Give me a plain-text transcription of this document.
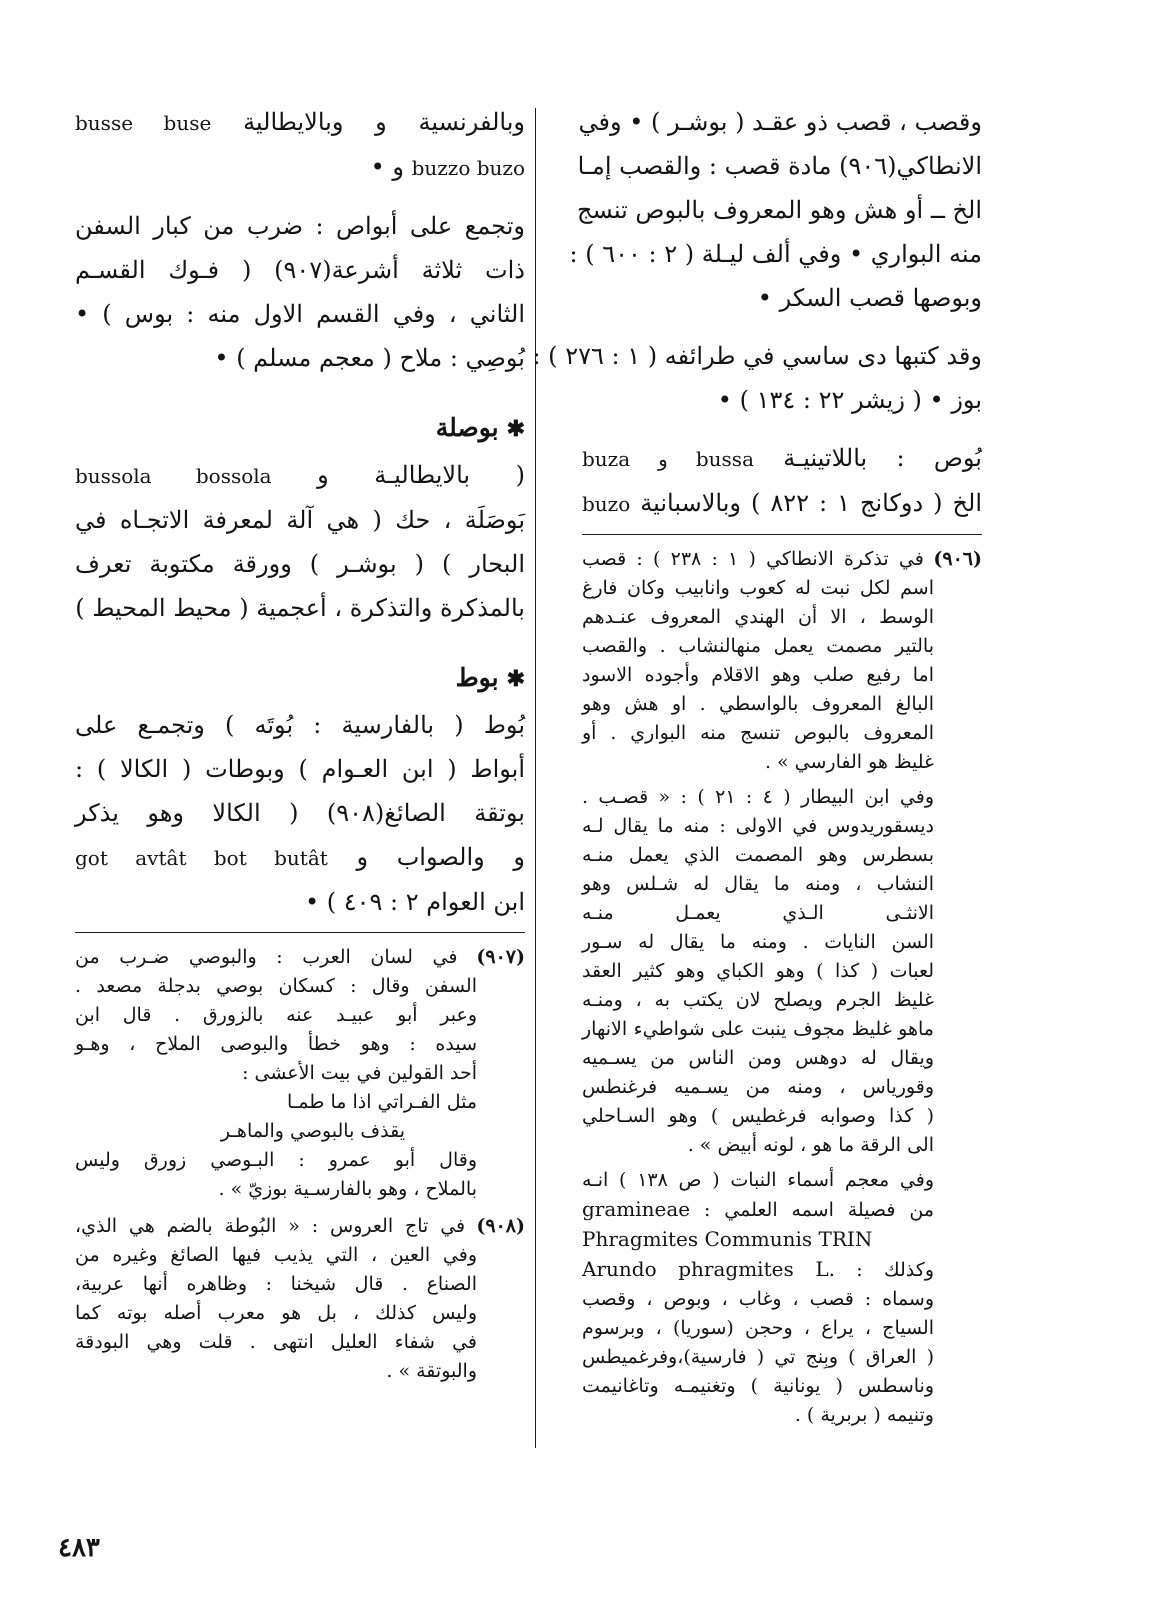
وقصب ، قصب ذو عقـد ( بوشـر ) • وفي
الانطاكي(٩٠٦) مادة قصب : والقصب إمـا
الخ ــ أو هش وهو المعروف بالبوص تنسج
منه البواري • وفي ألف ليـلة ( ٢ : ٦٠٠ ) :
وبوصها قصب السكر •
وقد كتبها دى ساسي في طرائفه ( ١ : ٢٧٦ ) :
بوز • ( زيشر ٢٢ : ١٣٤ ) •
بُوص : باللاتينيـة buza و bussa
الخ ( دوكانج ١ : ٨٢٢ ) وبالاسبانية buzo
(٩٠٦) في تذكرة الانطاكي ( ١ : ٢٣٨ ) : قصب
اسم لكل نبت له كعوب وانابيب وكان فارغ
الوسط ، الا أن الهندي المعروف عنـدهم
بالتير مصمت يعمل منهالنشاب . والقصب
اما رفيع صلب وهو الاقلام وأجوده الاسود
البالغ المعروف بالواسطي . او هش وهو
المعروف بالبوص تنسج منه البواري . أو
غليظ هو الفارسي » .
وفي ابن البيطار ( ٤ : ٢١ ) : « قصـب .
ديسقوريدوس في الاولى : منه ما يقال لـه
بسطرس وهو المصمت الذي يعمل منـه
النشاب ، ومنه ما يقال له شـلس وهو
الانثـى الـذي يعمـل منـه
السن النايات . ومنه ما يقال له سـور
لعبات ( كذا ) وهو الكباي وهو كثير العقد
غليظ الجرم ويصلح لان يكتب به ، ومنـه
ماهو غليظ مجوف ينبت على شواطيء الانهار
ويقال له دوهس ومن الناس من يسـميه
وقورياس ، ومنه من يسـميه فرغنطس
( كذا وصوابه فرغطيس ) وهو السـاحلي
الى الرقة ما هو ، لونه أبيض » .
وفي معجم أسماء النبات ( ص ١٣٨ ) انـه
من فصيلة اسمه العلمي : gramineae
Phragmites Communis TRIN
وكذلك : Arundo phragmites L.
وسماه : قصب ، وغاب ، وبوص ، وقصب
السياج ، يراع ، وحجن (سوريا) ، وبرسوم
( العراق ) وبِنج تي ( فارسية)،وفرغميطس
وناسطس ( يونانية ) وتغنيمـه وتاغانيمت
وتنيمه ( بربرية ) .
وبالفرنسية و وبالايطالية busse buse
buzzo buzo و •
وتجمع على أبواص : ضرب من كبار السفن
ذات ثلاثة أشرعة(٩٠٧) ( فـوك القسـم
الثاني ، وفي القسم الاول منه : بوس ) •
بُوصِي : ملاح ( معجم مسلم ) •
✱بوصلة
( بالايطاليـة و bussola bossola
بَوصَلَة ، حك ( هي آلة لمعرفة الاتجـاه في
البحار ) ( بوشـر ) وورقة مكتوبة تعرف
بالمذكرة والتذكرة ، أعجمية ( محيط المحيط )
✱بوط
بُوط ( بالفارسية : بُوتَه ) وتجمـع على
أبواط ( ابن العـوام ) وبوطات ( الكالا ) :
بوتقة الصائغ(٩٠٨) ( الكالا وهو يذكر
و والصواب و got avtât bot butât
ابن العوام ٢ : ٤٠٩ ) •
(٩٠٧) في لسان العرب : والبوصي ضـرب من
السفن وقال : كسكان بوصي بدجلة مصعد .
وعبر أبو عبيـد عنه بالزورق . قال ابن
سيده : وهو خطأ والبوصى الملاح ، وهـو
أحد القولين في بيت الأعشى :
مثل الفـراتي اذا ما طمـا
يقذف بالبوصي والماهـر
وقال أبو عمرو : البـوصي زورق وليس
بالملاح ، وهو بالفارسـية بوزيّ » .
(٩٠٨) في تاج العروس : « البُوطة بالضم هي الذي،
وفي العين ، التي يذيب فيها الصائغ وغيره من
الصناع . قال شيخنا : وظاهره أنها عربية،
وليس كذلك ، بل هو معرب أصله بوته كما
في شفاء العليل انتهى . قلت وهي البودقة
والبوتقة » .
٤٨٣
